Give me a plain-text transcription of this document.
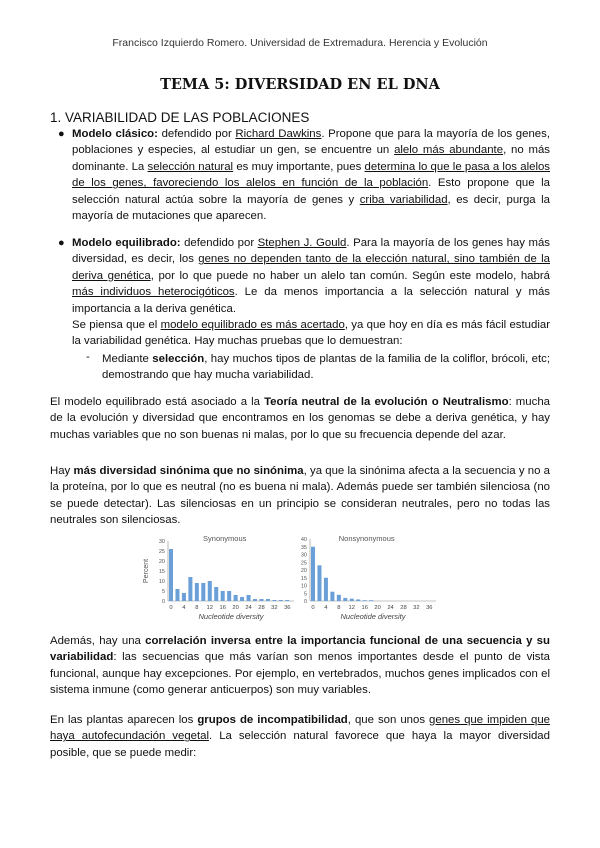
Francisco Izquierdo Romero. Universidad de Extremadura. Herencia y Evolución
TEMA 5: DIVERSIDAD EN EL DNA
1. VARIABILIDAD DE LAS POBLACIONES
● Modelo clásico: defendido por Richard Dawkins. Propone que para la mayoría de los genes, poblaciones y especies, al estudiar un gen, se encuentre un alelo más abundante, no más dominante. La selección natural es muy importante, pues determina lo que le pasa a los alelos de los genes, favoreciendo los alelos en función de la población. Esto propone que la selección natural actúa sobre la mayoría de genes y criba variabilidad, es decir, purga la mayoría de mutaciones que aparecen.
● Modelo equilibrado: defendido por Stephen J. Gould. Para la mayoría de los genes hay más diversidad, es decir, los genes no dependen tanto de la elección natural, sino también de la deriva genética, por lo que puede no haber un alelo tan común. Según este modelo, habrá más individuos heterocigóticos. Le da menos importancia a la selección natural y más importancia a la deriva genética.
Se piensa que el modelo equilibrado es más acertado, ya que hoy en día es más fácil estudiar la variabilidad genética. Hay muchas pruebas que lo demuestran:
- Mediante selección, hay muchos tipos de plantas de la familia de la coliflor, brócoli, etc; demostrando que hay mucha variabilidad.
El modelo equilibrado está asociado a la Teoría neutral de la evolución o Neutralismo: mucha de la evolución y diversidad que encontramos en los genomas se debe a deriva genética, y hay muchas variables que no son buenas ni malas, por lo que su frecuencia depende del azar.
Hay más diversidad sinónima que no sinónima, ya que la sinónima afecta a la secuencia y no a la proteína, por lo que es neutral (no es buena ni mala). Además puede ser también silenciosa (no se puede detectar). Las silenciosas en un principio se consideran neutrales, pero no todas las neutrales son silenciosas.
Synonymous
Percent
0
5
10
15
20
25
30
0 4 8 12 16 20 24 28 32 36
Nucleotide diversity
Nonsynonymous
0
5
10
15
20
25
30
35
40
0 4 8 12 16 20 24 28 32 36
Nucleotide diversity
Además, hay una correlación inversa entre la importancia funcional de una secuencia y su variabilidad: las secuencias que más varían son menos importantes desde el punto de vista funcional, aunque hay excepciones. Por ejemplo, en vertebrados, muchos genes implicados con el sistema inmune (como generar anticuerpos) son muy variables.
En las plantas aparecen los grupos de incompatibilidad, que son unos genes que impiden que haya autofecundación vegetal. La selección natural favorece que haya la mayor diversidad posible, que se puede medir:
